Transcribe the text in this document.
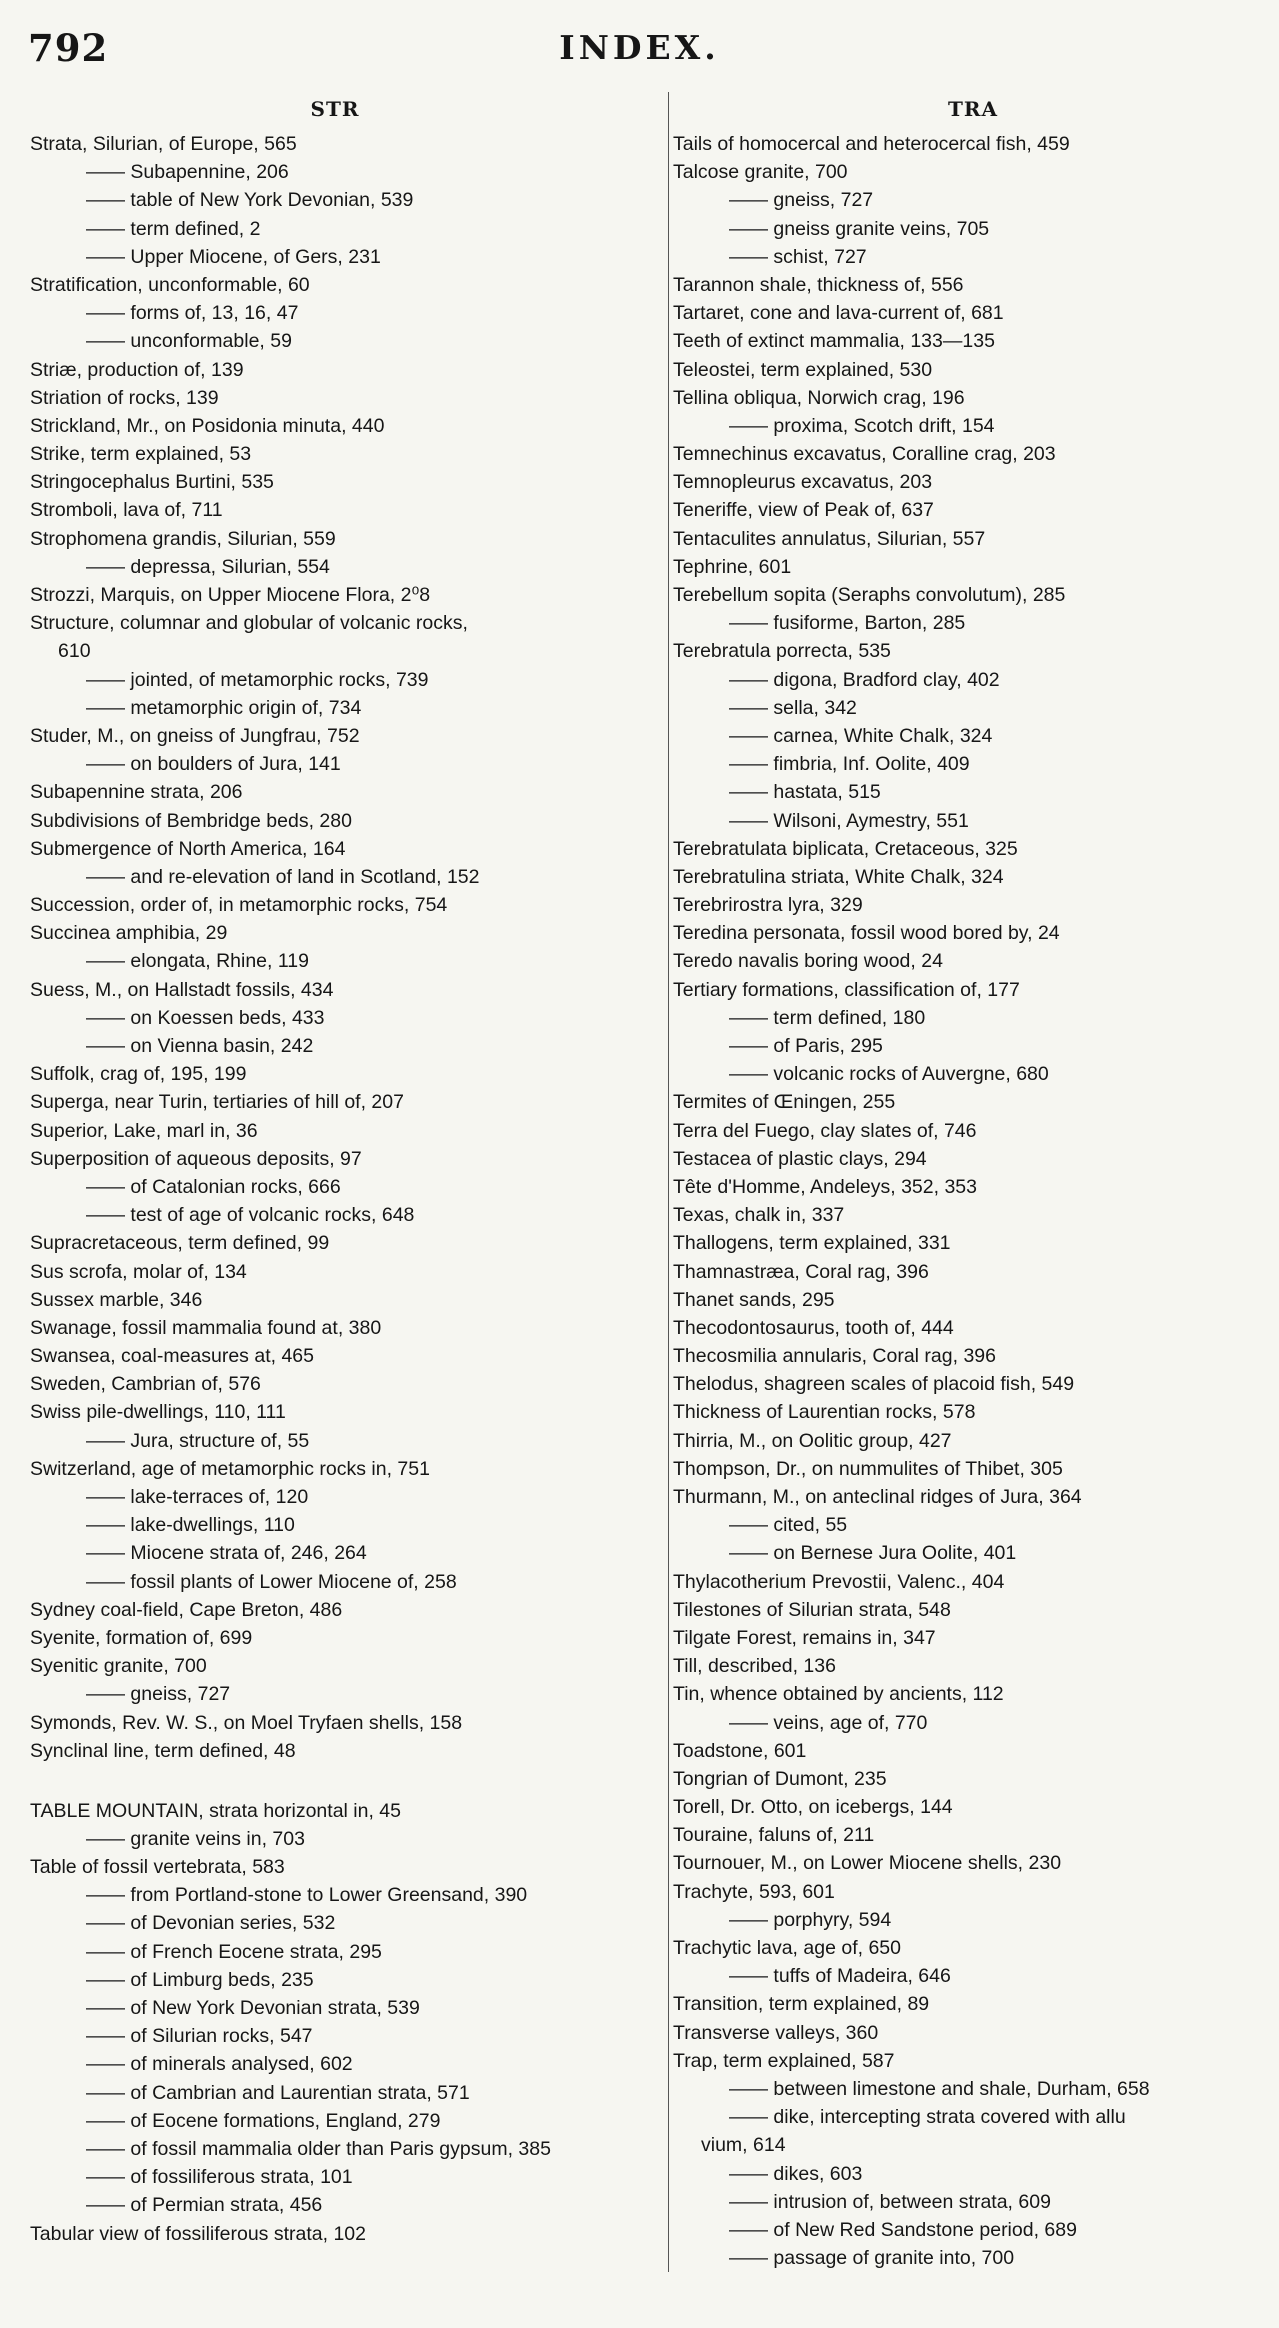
792	INDEX.
STR
Strata, Silurian, of Europe, 565
—— Subapennine, 206
—— table of New York Devonian, 539
—— term defined, 2
—— Upper Miocene, of Gers, 231
Stratification, unconformable, 60
—— forms of, 13, 16, 47
—— unconformable, 59
Striæ, production of, 139
Striation of rocks, 139
Strickland, Mr., on Posidonia minuta, 440
Strike, term explained, 53
Stringocephalus Burtini, 535
Stromboli, lava of, 711
Strophomena grandis, Silurian, 559
—— depressa, Silurian, 554
Strozzi, Marquis, on Upper Miocene Flora, 2⁰8
Structure, columnar and globular of volcanic rocks,
610
—— jointed, of metamorphic rocks, 739
—— metamorphic origin of, 734
Studer, M., on gneiss of Jungfrau, 752
—— on boulders of Jura, 141
Subapennine strata, 206
Subdivisions of Bembridge beds, 280
Submergence of North America, 164
—— and re-elevation of land in Scotland, 152
Succession, order of, in metamorphic rocks, 754
Succinea amphibia, 29
—— elongata, Rhine, 119
Suess, M., on Hallstadt fossils, 434
—— on Koessen beds, 433
—— on Vienna basin, 242
Suffolk, crag of, 195, 199
Superga, near Turin, tertiaries of hill of, 207
Superior, Lake, marl in, 36
Superposition of aqueous deposits, 97
—— of Catalonian rocks, 666
—— test of age of volcanic rocks, 648
Supracretaceous, term defined, 99
Sus scrofa, molar of, 134
Sussex marble, 346
Swanage, fossil mammalia found at, 380
Swansea, coal-measures at, 465
Sweden, Cambrian of, 576
Swiss pile-dwellings, 110, 111
—— Jura, structure of, 55
Switzerland, age of metamorphic rocks in, 751
—— lake-terraces of, 120
—— lake-dwellings, 110
—— Miocene strata of, 246, 264
—— fossil plants of Lower Miocene of, 258
Sydney coal-field, Cape Breton, 486
Syenite, formation of, 699
Syenitic granite, 700
—— gneiss, 727
Symonds, Rev. W. S., on Moel Tryfaen shells, 158
Synclinal line, term defined, 48
TABLE MOUNTAIN, strata horizontal in, 45
—— granite veins in, 703
Table of fossil vertebrata, 583
—— from Portland-stone to Lower Greensand, 390
—— of Devonian series, 532
—— of French Eocene strata, 295
—— of Limburg beds, 235
—— of New York Devonian strata, 539
—— of Silurian rocks, 547
—— of minerals analysed, 602
—— of Cambrian and Laurentian strata, 571
—— of Eocene formations, England, 279
—— of fossil mammalia older than Paris gypsum, 385
—— of fossiliferous strata, 101
—— of Permian strata, 456
Tabular view of fossiliferous strata, 102
TRA
Tails of homocercal and heterocercal fish, 459
Talcose granite, 700
—— gneiss, 727
—— gneiss granite veins, 705
—— schist, 727
Tarannon shale, thickness of, 556
Tartaret, cone and lava-current of, 681
Teeth of extinct mammalia, 133—135
Teleostei, term explained, 530
Tellina obliqua, Norwich crag, 196
—— proxima, Scotch drift, 154
Temnechinus excavatus, Coralline crag, 203
Temnopleurus excavatus, 203
Teneriffe, view of Peak of, 637
Tentaculites annulatus, Silurian, 557
Tephrine, 601
Terebellum sopita (Seraphs convolutum), 285
—— fusiforme, Barton, 285
Terebratula porrecta, 535
—— digona, Bradford clay, 402
—— sella, 342
—— carnea, White Chalk, 324
—— fimbria, Inf. Oolite, 409
—— hastata, 515
—— Wilsoni, Aymestry, 551
Terebratulata biplicata, Cretaceous, 325
Terebratulina striata, White Chalk, 324
Terebrirostra lyra, 329
Teredina personata, fossil wood bored by, 24
Teredo navalis boring wood, 24
Tertiary formations, classification of, 177
—— term defined, 180
—— of Paris, 295
—— volcanic rocks of Auvergne, 680
Termites of Œningen, 255
Terra del Fuego, clay slates of, 746
Testacea of plastic clays, 294
Tête d'Homme, Andeleys, 352, 353
Texas, chalk in, 337
Thallogens, term explained, 331
Thamnastræa, Coral rag, 396
Thanet sands, 295
Thecodontosaurus, tooth of, 444
Thecosmilia annularis, Coral rag, 396
Thelodus, shagreen scales of placoid fish, 549
Thickness of Laurentian rocks, 578
Thirria, M., on Oolitic group, 427
Thompson, Dr., on nummulites of Thibet, 305
Thurmann, M., on anteclinal ridges of Jura, 364
—— cited, 55
—— on Bernese Jura Oolite, 401
Thylacotherium Prevostii, Valenc., 404
Tilestones of Silurian strata, 548
Tilgate Forest, remains in, 347
Till, described, 136
Tin, whence obtained by ancients, 112
—— veins, age of, 770
Toadstone, 601
Tongrian of Dumont, 235
Torell, Dr. Otto, on icebergs, 144
Touraine, faluns of, 211
Tournouer, M., on Lower Miocene shells, 230
Trachyte, 593, 601
—— porphyry, 594
Trachytic lava, age of, 650
—— tuffs of Madeira, 646
Transition, term explained, 89
Transverse valleys, 360
Trap, term explained, 587
—— between limestone and shale, Durham, 658
—— dike, intercepting strata covered with allu
vium, 614
—— dikes, 603
—— intrusion of, between strata, 609
—— of New Red Sandstone period, 689
—— passage of granite into, 700
